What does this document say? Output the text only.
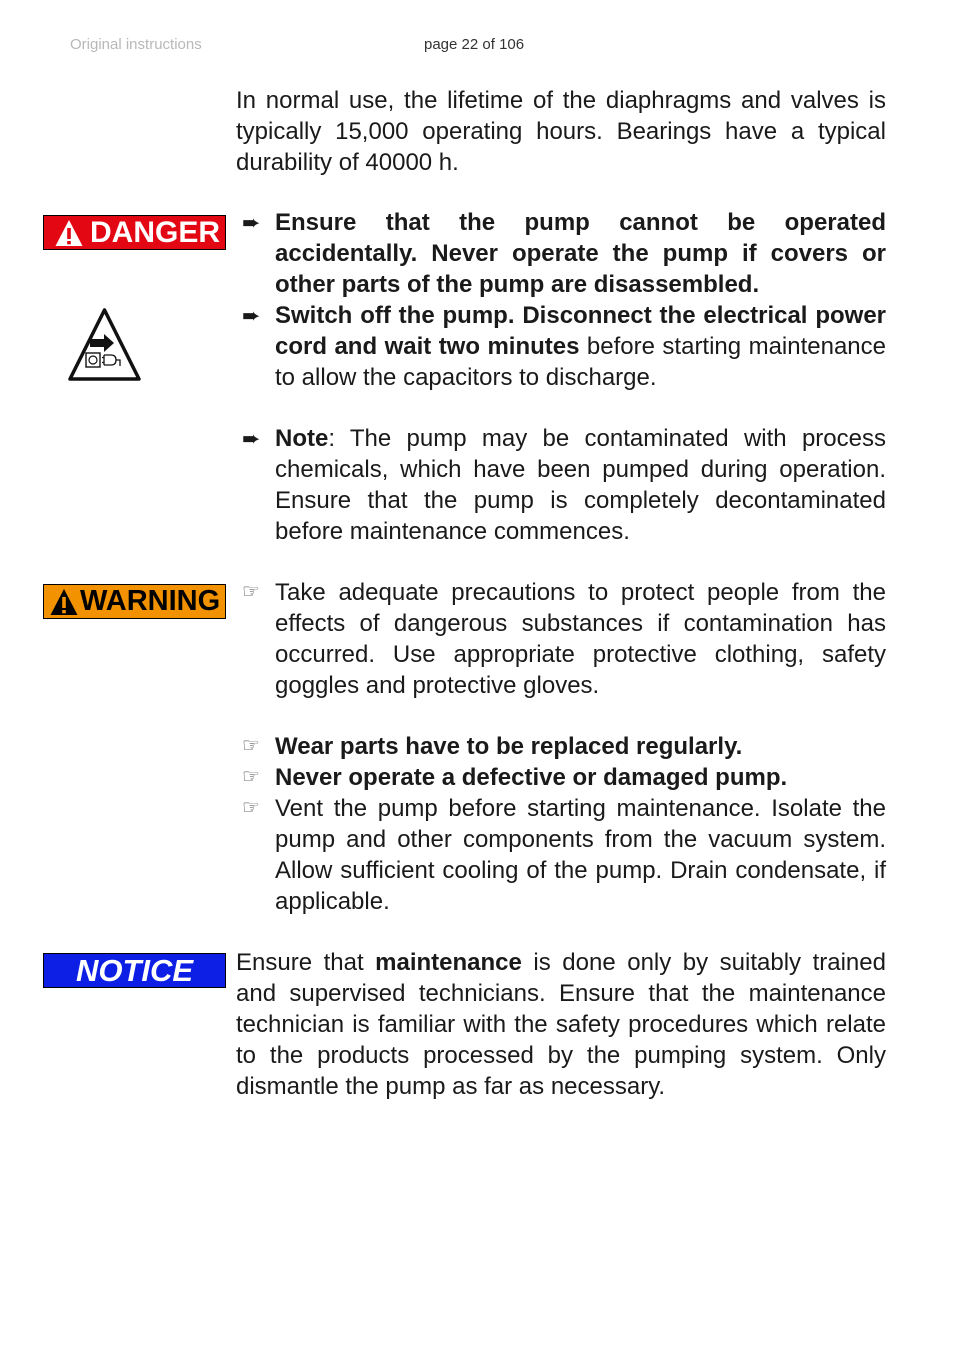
Original instructions	page 22 of 106
In normal use, the lifetime of the diaphragms and valves is typically 15,000 operating hours. Bearings have a typical durability of 40000 h.
DANGER ➨ Ensure that the pump cannot be operated accidentally. Never operate the pump if covers or other parts of the pump are disassembled.
➨ Switch off the pump. Disconnect the electrical power cord and wait two minutes before starting maintenance to allow the capacitors to discharge.
➨ Note: The pump may be contaminated with process chemicals, which have been pumped during operation. Ensure that the pump is completely decontaminated before maintenance commences.
WARNING ☞ Take adequate precautions to protect people from the effects of dangerous substances if contamination has occurred. Use appropriate protective clothing, safety goggles and protective gloves.
☞ Wear parts have to be replaced regularly.
☞ Never operate a defective or damaged pump.
☞ Vent the pump before starting maintenance. Isolate the pump and other components from the vacuum system. Allow sufficient cooling of the pump. Drain condensate, if applicable.
NOTICE	Ensure that maintenance is done only by suitably trained and supervised technicians. Ensure that the maintenance technician is familiar with the safety procedures which relate to the products processed by the pumping system. Only dismantle the pump as far as necessary.
